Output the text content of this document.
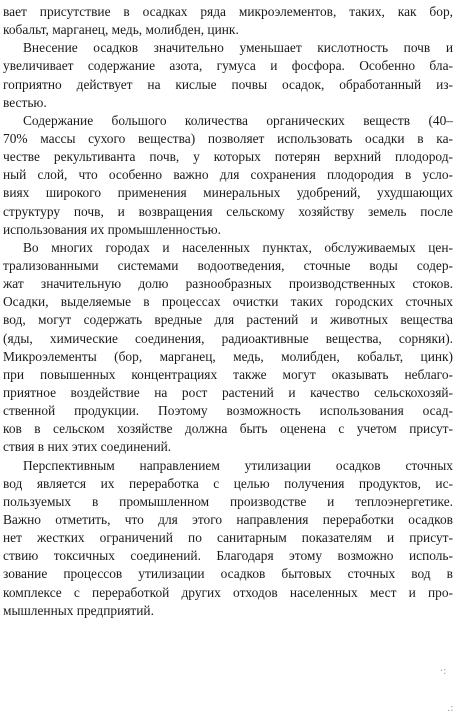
вает присутствие в осадках ряда микроэлементов, таких, как бор,
кобальт, марганец, медь, молибден, цинк.
Внесение осадков значительно уменьшает кислотность почв и
увеличивает содержание азота, гумуса и фосфора. Особенно бла-
гоприятно действует на кислые почвы осадок, обработанный из-
вестью.
Содержание большого количества органических веществ (40–
70% массы сухого вещества) позволяет использовать осадки в ка-
честве рекультиванта почв, у которых потерян верхний плодород-
ный слой, что особенно важно для сохранения плодородия в усло-
виях широкого применения минеральных удобрений, ухудшающих
структуру почв, и возвращения сельскому хозяйству земель после
использования их промышленностью.
Во многих городах и населенных пунктах, обслуживаемых цен-
трализованными системами водоотведения, сточные воды содер-
жат значительную долю разнообразных производственных стоков.
Осадки, выделяемые в процессах очистки таких городских сточных
вод, могут содержать вредные для растений и животных вещества
(яды, химические соединения, радиоактивные вещества, сорняки).
Микроэлементы (бор, марганец, медь, молибден, кобальт, цинк)
при повышенных концентрациях также могут оказывать неблаго-
приятное воздействие на рост растений и качество сельскохозяй-
ственной продукции. Поэтому возможность использования осад-
ков в сельском хозяйстве должна быть оценена с учетом присут-
ствия в них этих соединений.
Перспективным направлением утилизации осадков сточных
вод является их переработка с целью получения продуктов, ис-
пользуемых в промышленном производстве и теплоэнергетике.
Важно отметить, что для этого направления переработки осадков
нет жестких ограничений по санитарным показателям и присут-
ствию токсичных соединений. Благодаря этому возможно исполь-
зование процессов утилизации осадков бытовых сточных вод в
комплексе с переработкой других отходов населенных мест и про-
мышленных предприятий.
·:
.:
